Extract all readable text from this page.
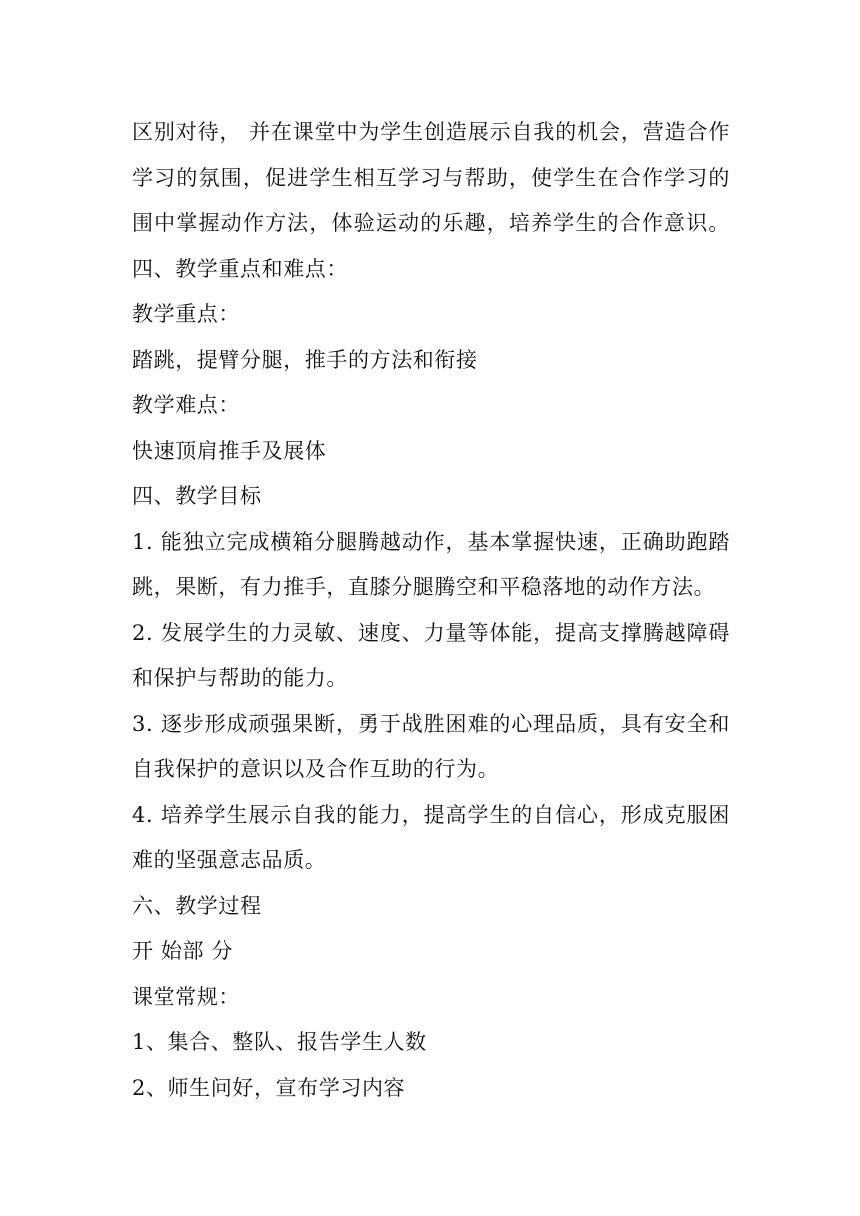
区别对待， 并在课堂中为学生创造展示自我的机会，营造合作
学习的氛围，促进学生相互学习与帮助，使学生在合作学习的
围中掌握动作方法，体验运动的乐趣，培养学生的合作意识。
四、教学重点和难点：
教学重点：
踏跳，提臂分腿，推手的方法和衔接
教学难点：
快速顶肩推手及展体
四、教学目标
1. 能独立完成横箱分腿腾越动作，基本掌握快速，正确助跑踏
跳，果断，有力推手，直膝分腿腾空和平稳落地的动作方法。
2. 发展学生的力灵敏、速度、力量等体能，提高支撑腾越障碍
和保护与帮助的能力。
3. 逐步形成顽强果断，勇于战胜困难的心理品质，具有安全和
自我保护的意识以及合作互助的行为。
4. 培养学生展示自我的能力，提高学生的自信心，形成克服困
难的坚强意志品质。
六、教学过程
开 始部 分
课堂常规：
1、集合、整队、报告学生人数
2、师生问好，宣布学习内容
